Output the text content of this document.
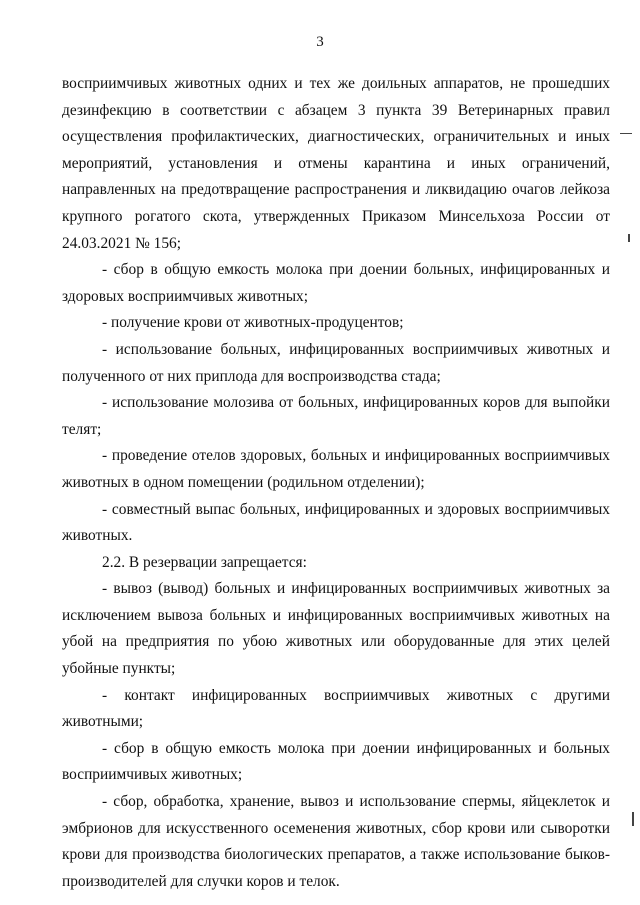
3

восприимчивых животных одних и тех же доильных аппаратов, не прошедших дезинфекцию в соответствии с абзацем 3 пункта 39 Ветеринарных правил осуществления профилактических, диагностических, ограничительных и иных мероприятий, установления и отмены карантина и иных ограничений, направленных на предотвращение распространения и ликвидацию очагов лейкоза крупного рогатого скота, утвержденных Приказом Минсельхоза России от 24.03.2021 № 156;

- сбор в общую емкость молока при доении больных, инфицированных и здоровых восприимчивых животных;

- получение крови от животных-продуцентов;

- использование больных, инфицированных восприимчивых животных и полученного от них приплода для воспроизводства стада;

- использование молозива от больных, инфицированных коров для выпойки телят;

- проведение отелов здоровых, больных и инфицированных восприимчивых животных в одном помещении (родильном отделении);

- совместный выпас больных, инфицированных и здоровых восприимчивых животных.

2.2. В резервации запрещается:

- вывоз (вывод) больных и инфицированных восприимчивых животных за исключением вывоза больных и инфицированных восприимчивых животных на убой на предприятия по убою животных или оборудованные для этих целей убойные пункты;

- контакт инфицированных восприимчивых животных с другими животными;

- сбор в общую емкость молока при доении инфицированных и больных восприимчивых животных;

- сбор, обработка, хранение, вывоз и использование спермы, яйцеклеток и эмбрионов для искусственного осеменения животных, сбор крови или сыворотки крови для производства биологических препаратов, а также использование быков-производителей для случки коров и телок.
